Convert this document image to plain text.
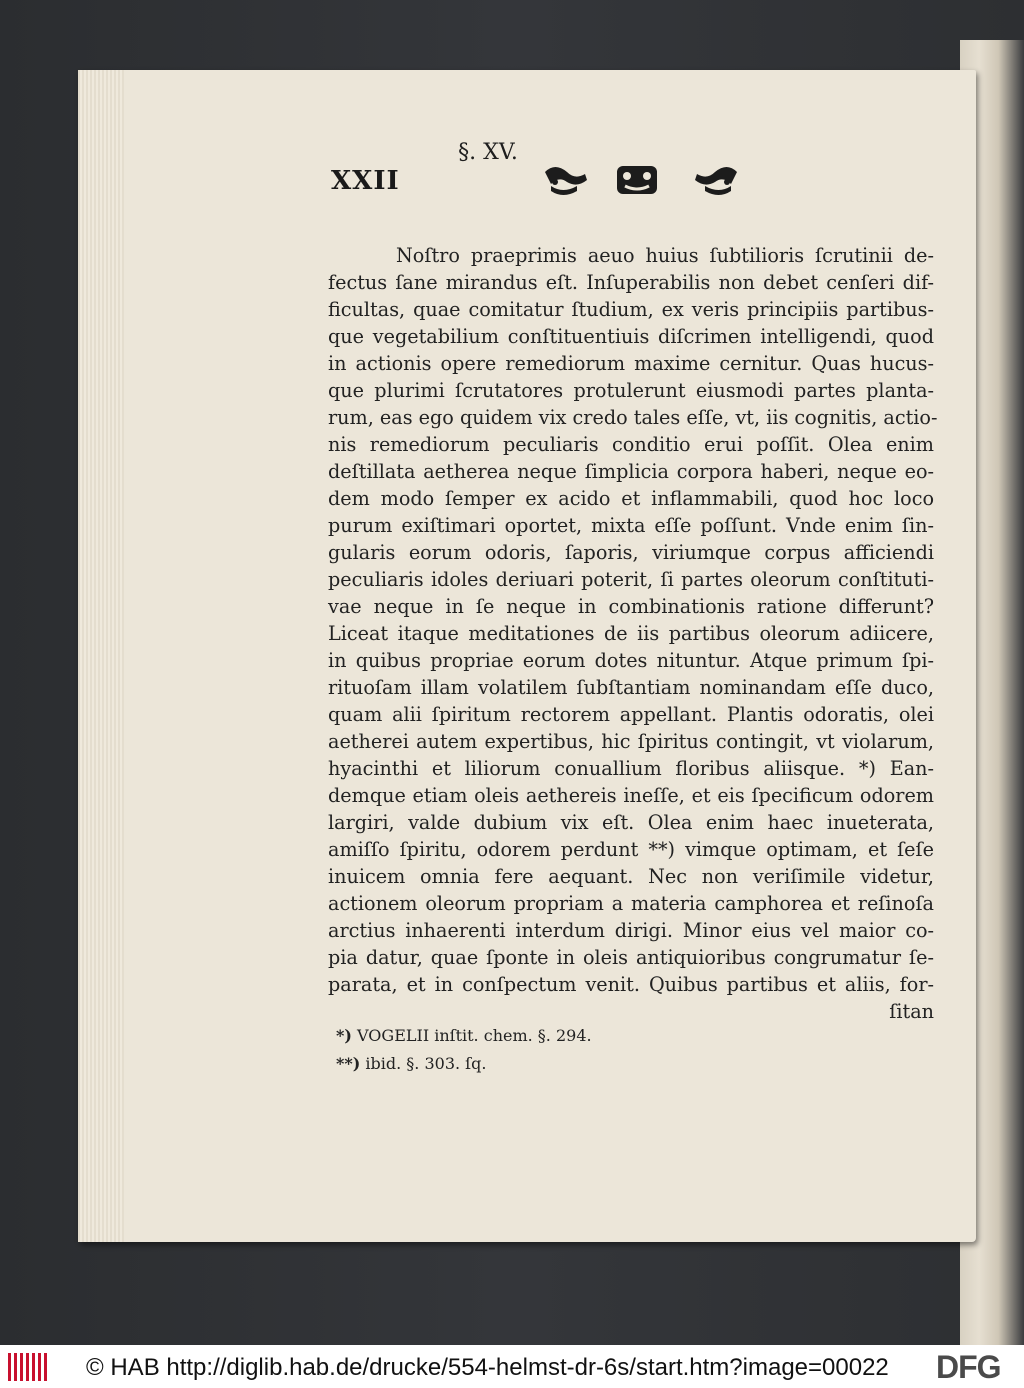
XXII
§. XV.
Noſtro praeprimis aeuo huius ſubtilioris ſcrutinii de-
fectus ſane mirandus eſt. Inſuperabilis non debet cenſeri dif-
ficultas, quae comitatur ſtudium, ex veris principiis partibus-
que vegetabilium conſtituentiuis diſcrimen intelligendi, quod
in actionis opere remediorum maxime cernitur. Quas hucus-
que plurimi ſcrutatores protulerunt eiusmodi partes planta-
rum, eas ego quidem vix credo tales eſſe, vt, iis cognitis, actio-
nis remediorum peculiaris conditio erui poſſit. Olea enim
deſtillata aetherea neque ſimplicia corpora haberi, neque eo-
dem modo ſemper ex acido et inflammabili, quod hoc loco
purum exiſtimari oportet, mixta eſſe poſſunt. Vnde enim ſin-
gularis eorum odoris, ſaporis, viriumque corpus afficiendi
peculiaris idoles deriuari poterit, ſi partes oleorum conſtituti-
vae neque in ſe neque in combinationis ratione differunt?
Liceat itaque meditationes de iis partibus oleorum adiicere,
in quibus propriae eorum dotes nituntur. Atque primum ſpi-
rituoſam illam volatilem ſubſtantiam nominandam eſſe duco,
quam alii ſpiritum rectorem appellant. Plantis odoratis, olei
aetherei autem expertibus, hic ſpiritus contingit, vt violarum,
hyacinthi et liliorum conuallium floribus aliisque. *) Ean-
demque etiam oleis aethereis ineſſe, et eis ſpecificum odorem
largiri, valde dubium vix eſt. Olea enim haec inueterata,
amiſſo ſpiritu, odorem perdunt **) vimque optimam, et ſeſe
inuicem omnia fere aequant. Nec non veriſimile videtur,
actionem oleorum propriam a materia camphorea et reſinoſa
arctius inhaerenti interdum dirigi. Minor eius vel maior co-
pia datur, quae ſponte in oleis antiquioribus congrumatur ſe-
parata, et in conſpectum venit. Quibus partibus et aliis, for-
ſitan
*) VOGELII inſtit. chem. §. 294.
**) ibid. §. 303. ſq.
© HAB http://diglib.hab.de/drucke/554-helmst-dr-6s/start.htm?image=00022 DFG
